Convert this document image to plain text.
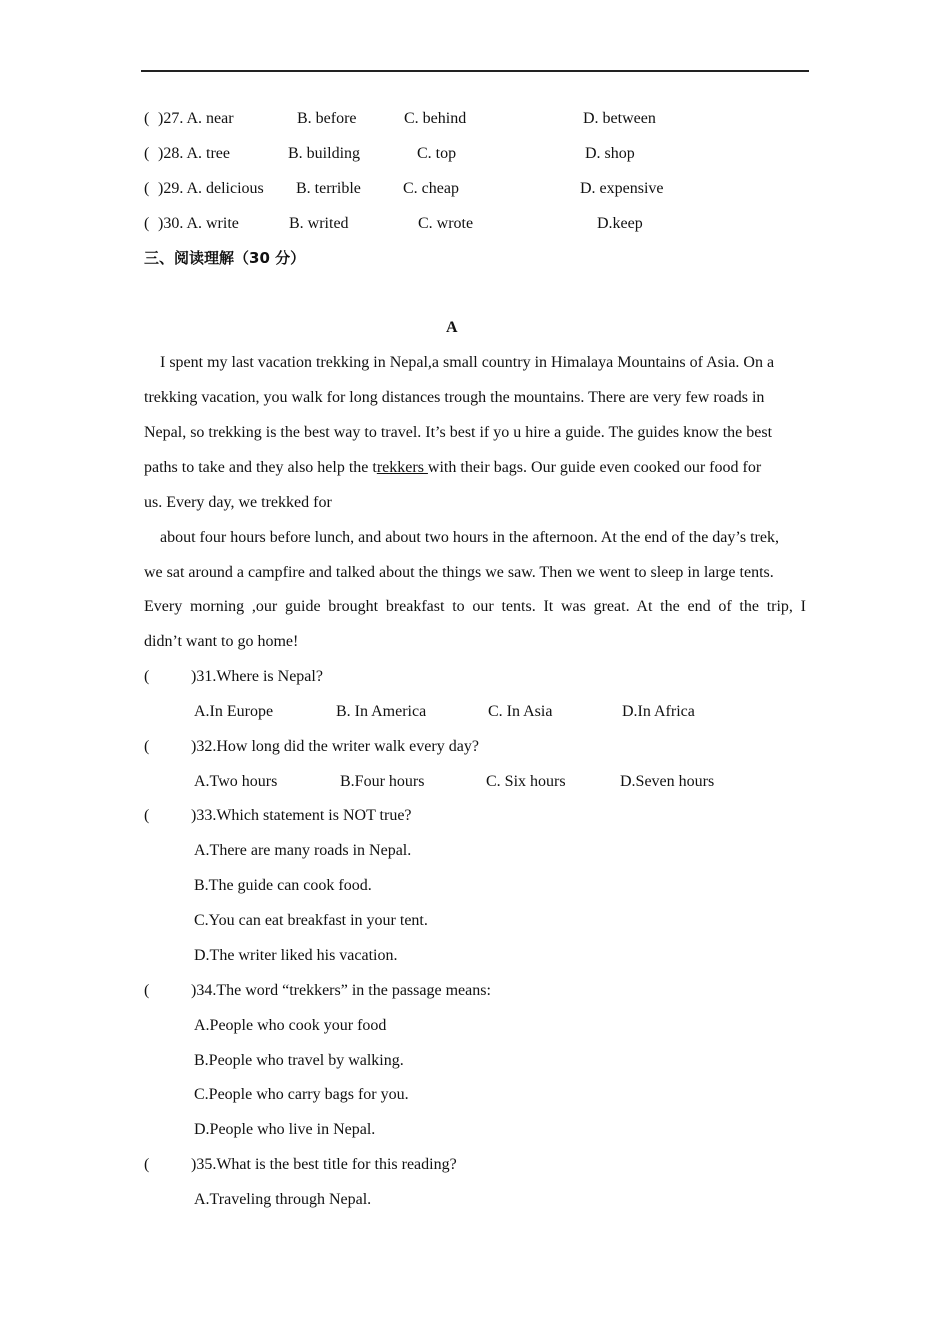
( )27. A. near	B. before	C. behind	D. between
( )28. A. tree	B. building	C. top	D. shop
( )29. A. delicious B. terrible	C. cheap	D. expensive
( )30. A. write	B. writed	C. wrote	D.keep
三、阅读理解（30 分）
A
I spent my last vacation trekking in Nepal,a small country in Himalaya Mountains of Asia. On a
trekking vacation, you walk for long distances trough the mountains. There are very few roads in
Nepal, so trekking is the best way to travel. It’s best if yo u hire a guide. The guides know the best
paths to take and they also help the trekkers with their bags. Our guide even cooked our food for
us. Every day, we trekked for
about four hours before lunch, and about two hours in the afternoon. At the end of the day’s trek,
we sat around a campfire and talked about the things we saw. Then we went to sleep in large tents.
Every morning ,our guide brought breakfast to our tents. It was great. At the end of the trip, I
didn’t want to go home!
(	)31.Where is Nepal?
A.In Europe	B. In America	C. In Asia	D.In Africa
(	)32.How long did the writer walk every day?
A.Two hours	B.Four hours	C. Six hours	D.Seven hours
(	)33.Which statement is NOT true?
A.There are many roads in Nepal.
B.The guide can cook food.
C.You can eat breakfast in your tent.
D.The writer liked his vacation.
(	)34.The word “trekkers” in the passage means:
A.People who cook your food
B.People who travel by walking.
C.People who carry bags for you.
D.People who live in Nepal.
(	)35.What is the best title for this reading?
A.Traveling through Nepal.
